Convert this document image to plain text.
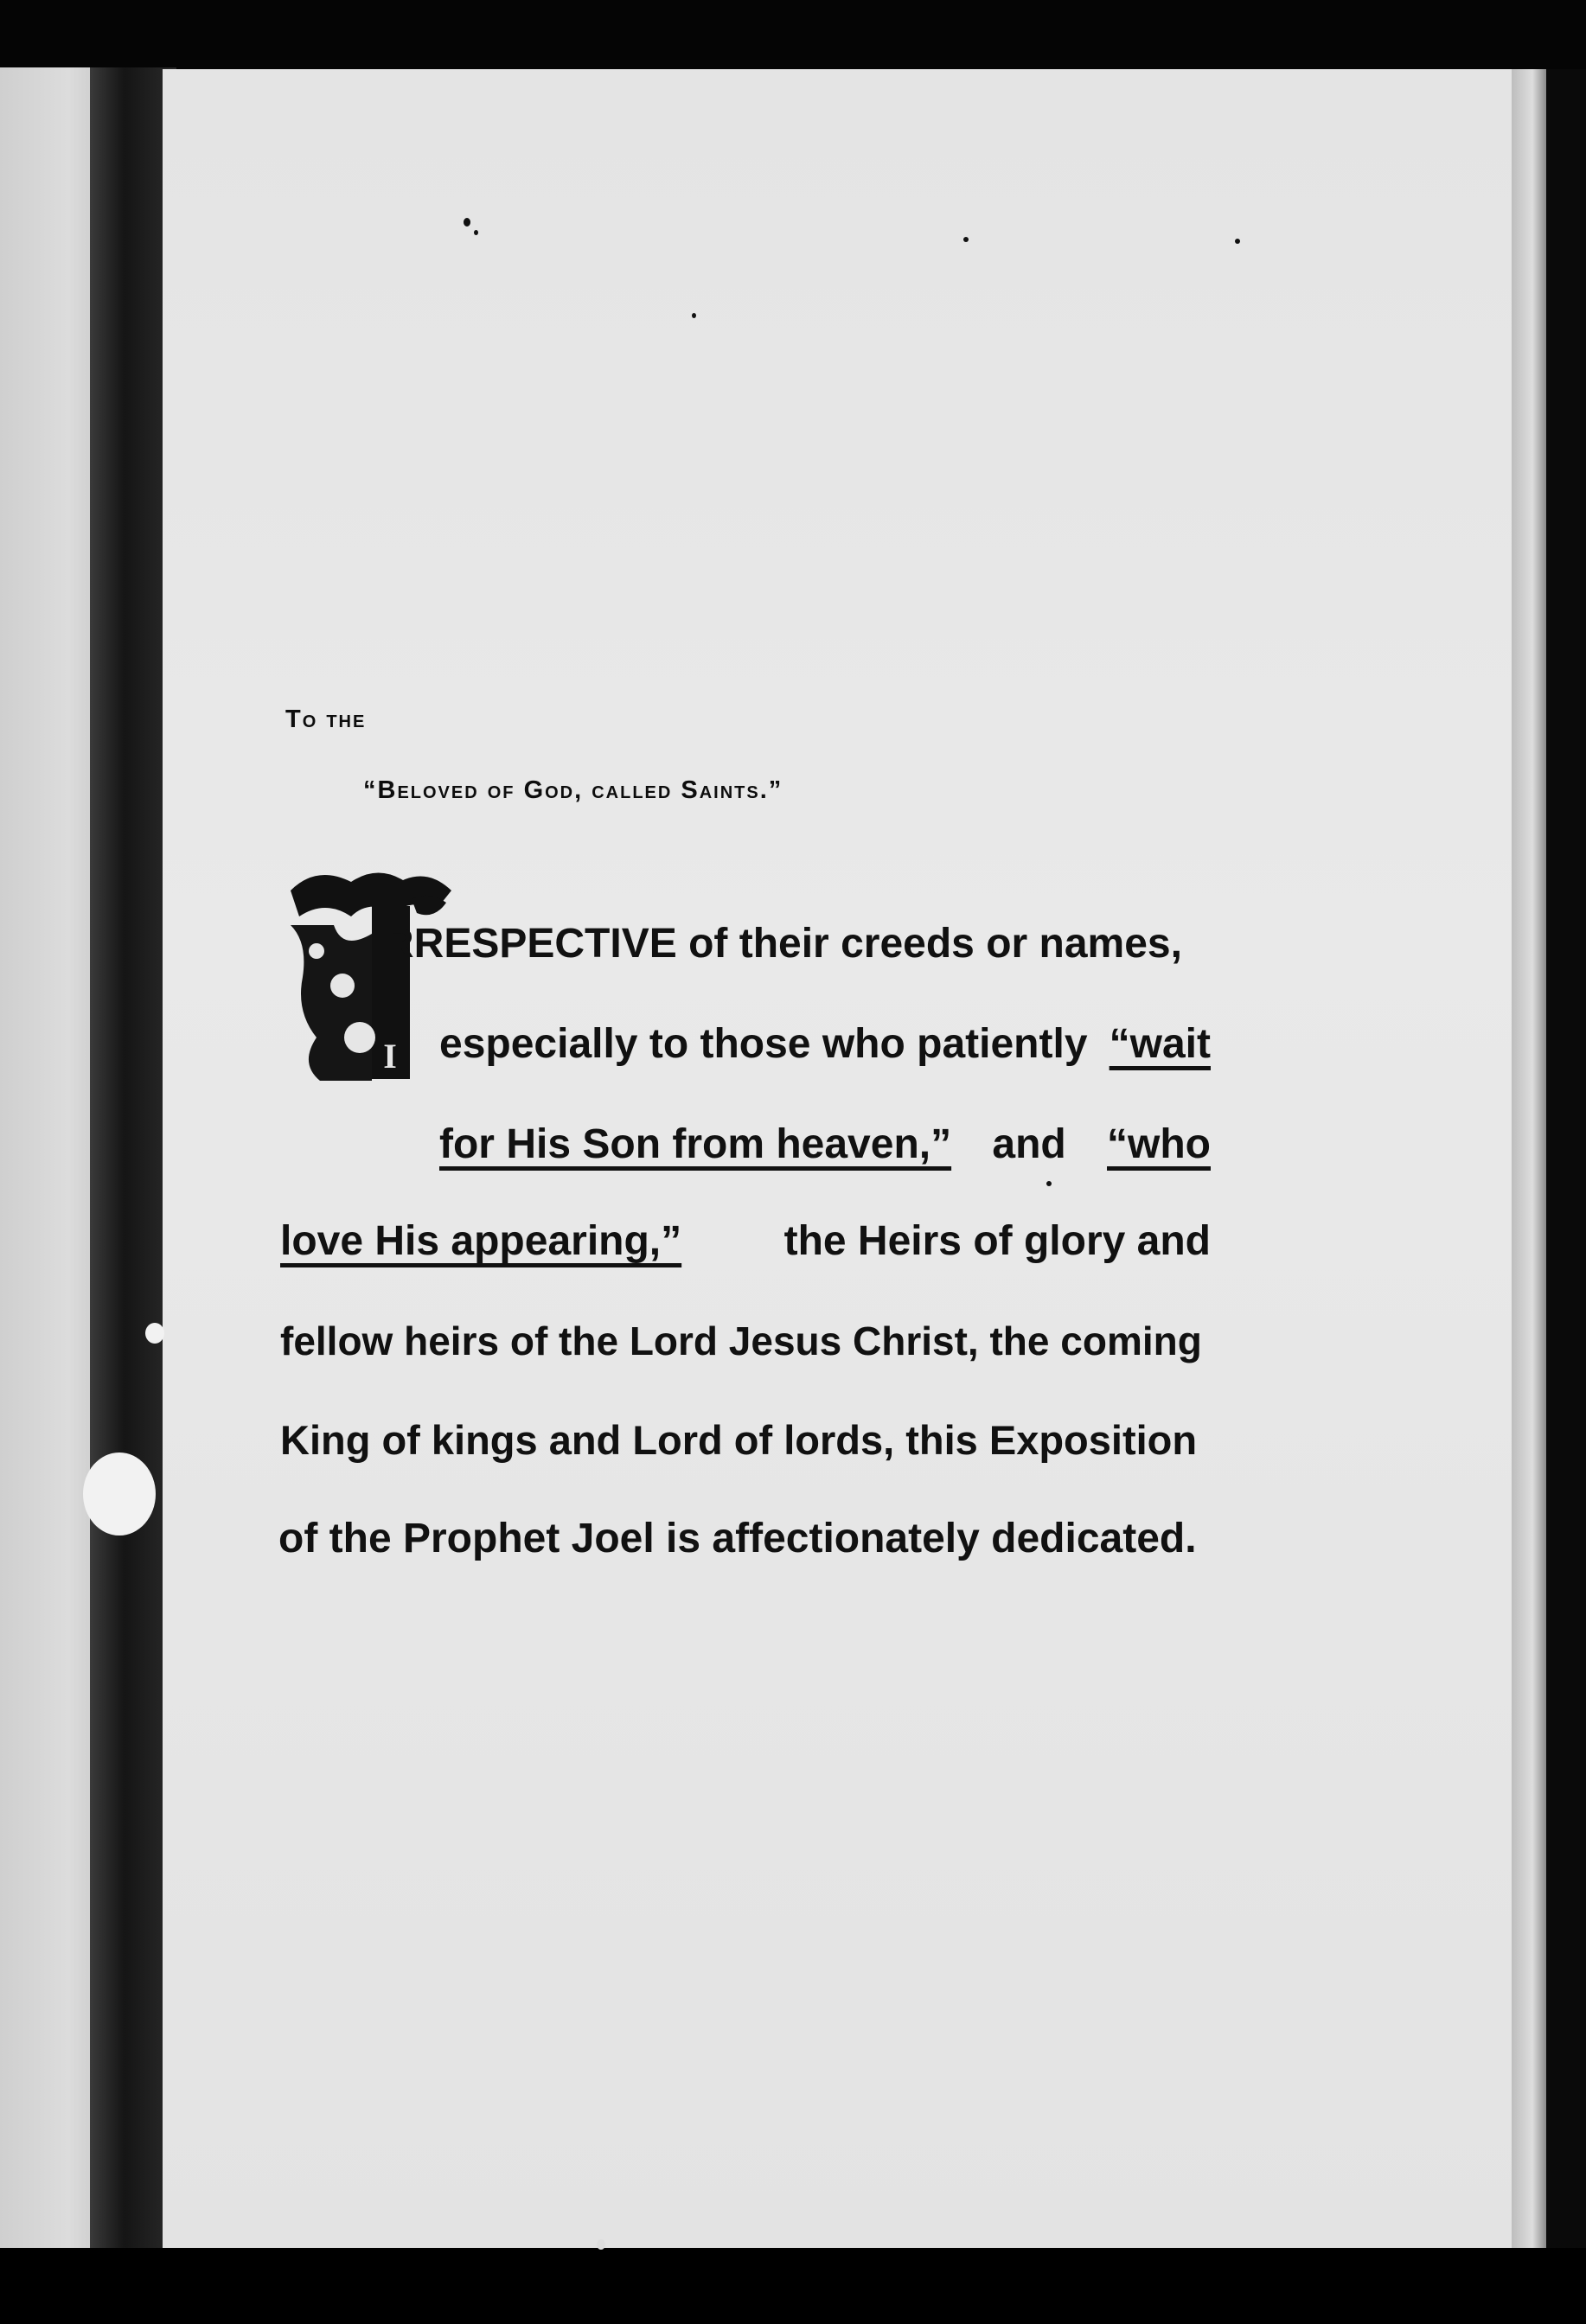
To the

“Beloved of God, called Saints.”

I

RRESPECTIVE of their creeds or names,

especially to those who patiently “wait

for His Son from heaven,” and “who

love His appearing,” the Heirs of glory and

fellow heirs of the Lord Jesus Christ, the coming

King of kings and Lord of lords, this Exposition

of the Prophet Joel is affectionately dedicated.
